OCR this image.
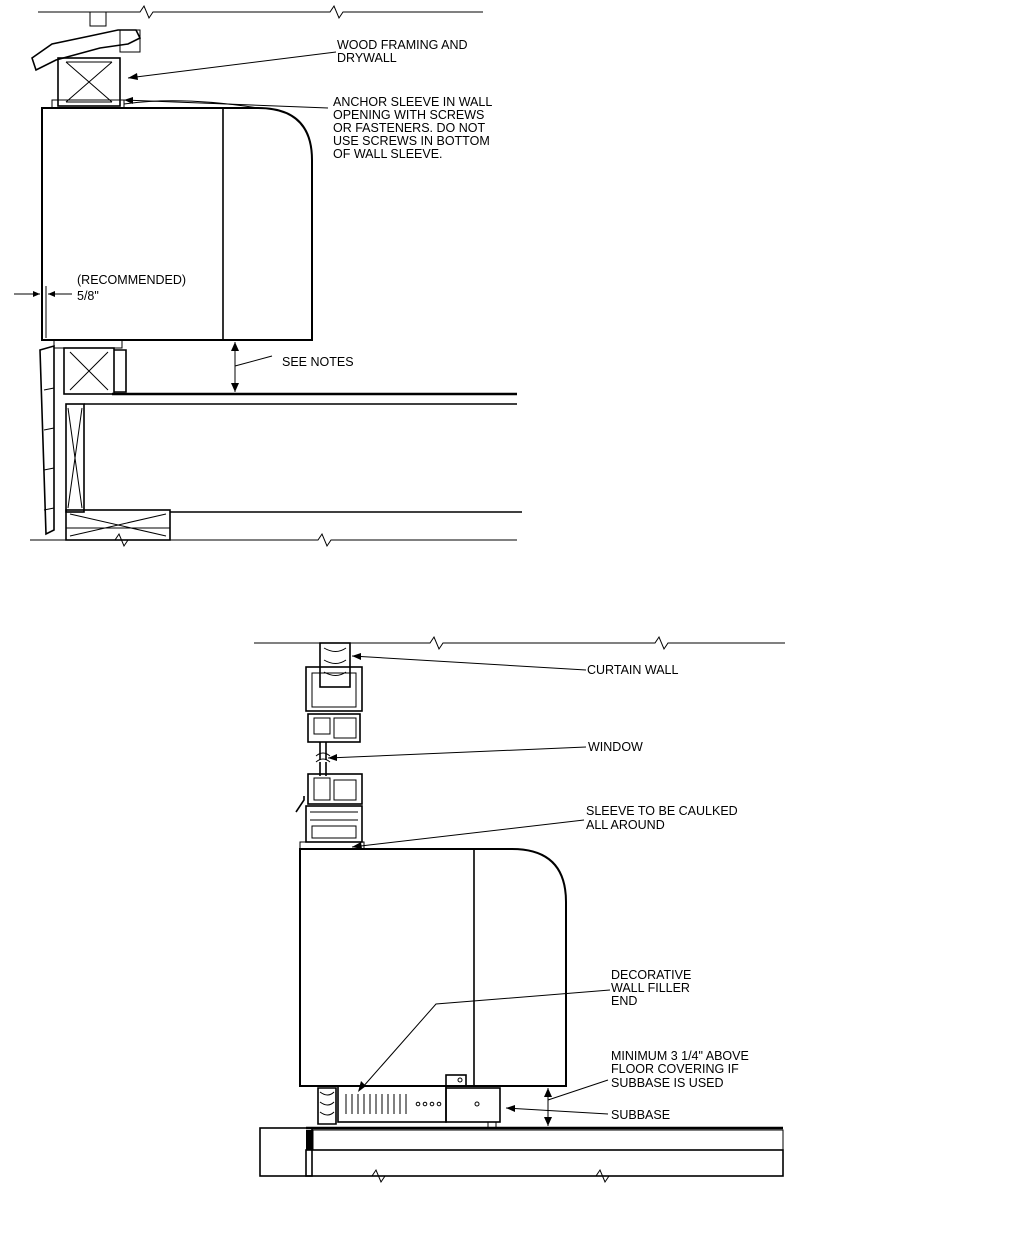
WOOD FRAMING AND
DRYWALL
ANCHOR SLEEVE IN WALL
OPENING WITH SCREWS
OR FASTENERS. DO NOT
USE SCREWS IN BOTTOM
OF WALL SLEEVE.
(RECOMMENDED)
5/8"
SEE NOTES
CURTAIN WALL
WINDOW
SLEEVE TO BE CAULKED
ALL AROUND
DECORATIVE
WALL FILLER
END
MINIMUM 3 1/4" ABOVE
FLOOR COVERING IF
SUBBASE IS USED
SUBBASE
